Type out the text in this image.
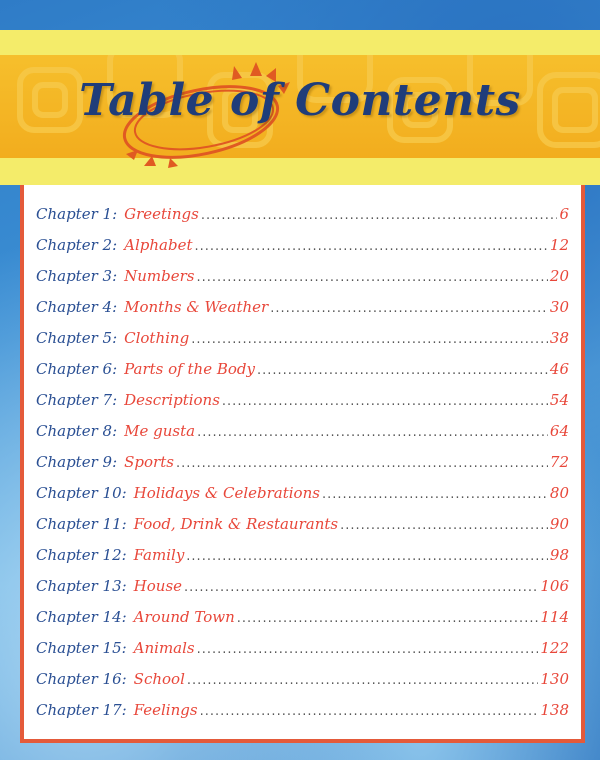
Table of Contents
Chapter 1: Greetings .....	6
Chapter 2: Alphabet .....	12
Chapter 3: Numbers .....	20
Chapter 4: Months & Weather .....	30
Chapter 5: Clothing .....	38
Chapter 6: Parts of the Body .....	46
Chapter 7: Descriptions .....	54
Chapter 8: Me gusta .....	64
Chapter 9: Sports .....	72
Chapter 10: Holidays & Celebrations .....	80
Chapter 11: Food, Drink & Restaurants .....	90
Chapter 12: Family .....	98
Chapter 13: House .....	106
Chapter 14: Around Town .....	114
Chapter 15: Animals .....	122
Chapter 16: School .....	130
Chapter 17: Feelings .....	138
